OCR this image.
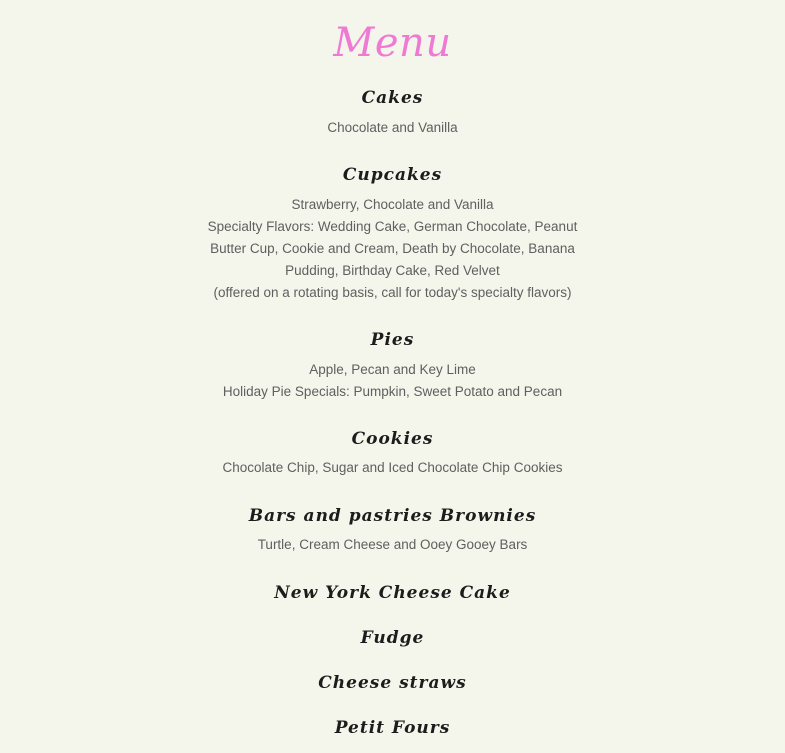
Menu
Cakes
Chocolate and Vanilla
Cupcakes
Strawberry, Chocolate and Vanilla
Specialty Flavors: Wedding Cake, German Chocolate, Peanut
Butter Cup, Cookie and Cream, Death by Chocolate, Banana
Pudding, Birthday Cake, Red Velvet
(offered on a rotating basis, call for today's specialty flavors)
Pies
Apple, Pecan and Key Lime
Holiday Pie Specials: Pumpkin, Sweet Potato and Pecan
Cookies
Chocolate Chip, Sugar and Iced Chocolate Chip Cookies
Bars and pastries Brownies
Turtle, Cream Cheese and Ooey Gooey Bars
New York Cheese Cake
Fudge
Cheese straws
Petit Fours
